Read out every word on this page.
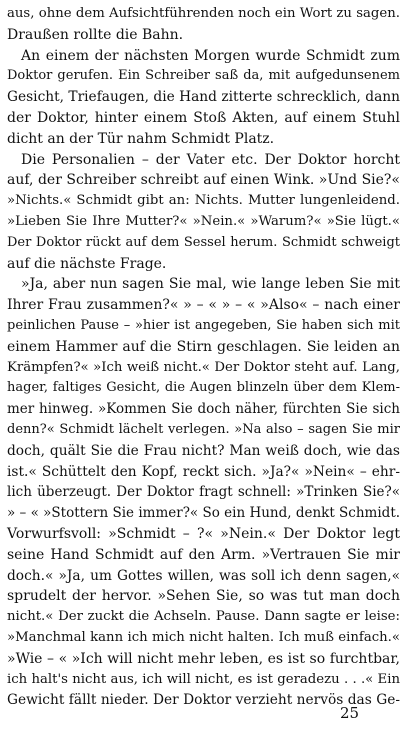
aus, ohne dem Aufsichtführenden noch ein Wort zu sagen.
Draußen rollte die Bahn.
An einem der nächsten Morgen wurde Schmidt zum
Doktor gerufen. Ein Schreiber saß da, mit aufgedunsenem
Gesicht, Triefaugen, die Hand zitterte schrecklich, dann
der Doktor, hinter einem Stoß Akten, auf einem Stuhl
dicht an der Tür nahm Schmidt Platz.
Die Personalien – der Vater etc. Der Doktor horcht
auf, der Schreiber schreibt auf einen Wink. »Und Sie?«
»Nichts.« Schmidt gibt an: Nichts. Mutter lungenleidend.
»Lieben Sie Ihre Mutter?« »Nein.« »Warum?« »Sie lügt.«
Der Doktor rückt auf dem Sessel herum. Schmidt schweigt
auf die nächste Frage.
»Ja, aber nun sagen Sie mal, wie lange leben Sie mit
Ihrer Frau zusammen?« » – « » – « »Also« – nach einer
peinlichen Pause – »hier ist angegeben, Sie haben sich mit
einem Hammer auf die Stirn geschlagen. Sie leiden an
Krämpfen?« »Ich weiß nicht.« Der Doktor steht auf. Lang,
hager, faltiges Gesicht, die Augen blinzeln über dem Klem-
mer hinweg. »Kommen Sie doch näher, fürchten Sie sich
denn?« Schmidt lächelt verlegen. »Na also – sagen Sie mir
doch, quält Sie die Frau nicht? Man weiß doch, wie das
ist.« Schüttelt den Kopf, reckt sich. »Ja?« »Nein« – ehr-
lich überzeugt. Der Doktor fragt schnell: »Trinken Sie?«
» – « »Stottern Sie immer?« So ein Hund, denkt Schmidt.
Vorwurfsvoll: »Schmidt – ?« »Nein.« Der Doktor legt
seine Hand Schmidt auf den Arm. »Vertrauen Sie mir
doch.« »Ja, um Gottes willen, was soll ich denn sagen,«
sprudelt der hervor. »Sehen Sie, so was tut man doch
nicht.« Der zuckt die Achseln. Pause. Dann sagte er leise:
»Manchmal kann ich mich nicht halten. Ich muß einfach.«
»Wie – « »Ich will nicht mehr leben, es ist so furchtbar,
ich halt's nicht aus, ich will nicht, es ist geradezu . . .« Ein
Gewicht fällt nieder. Der Doktor verzieht nervös das Ge-
25
